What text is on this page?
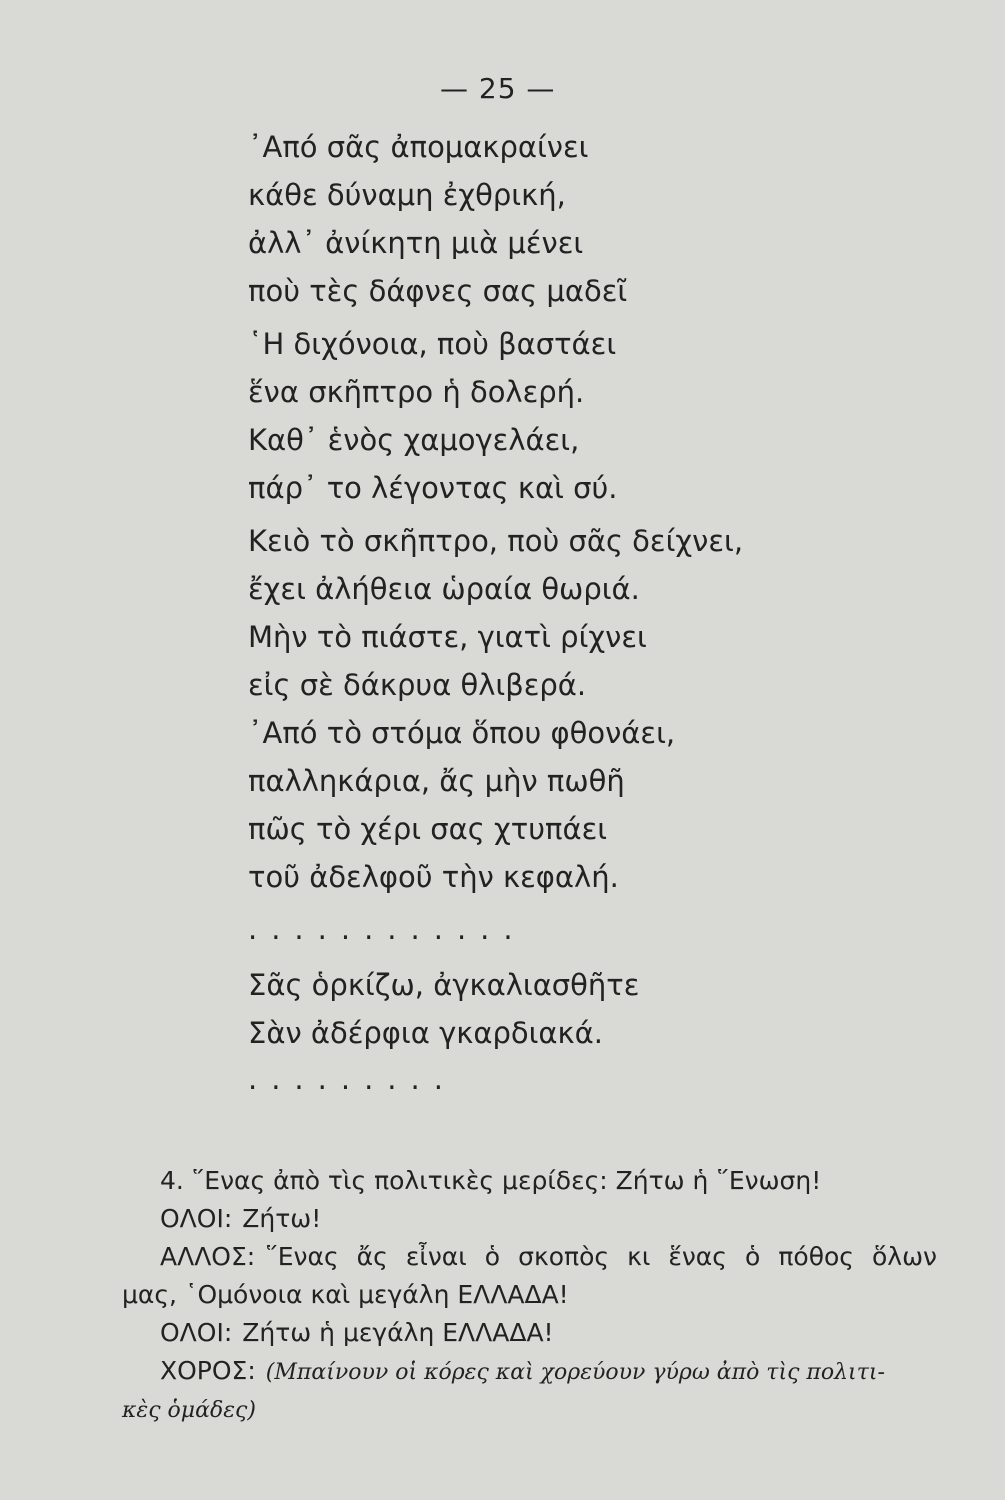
— 25 —
᾿Από σᾶς ἀπομακραίνει
κάθε δύναμη ἐχθρική,
ἀλλ᾿ ἀνίκητη μιὰ μένει
ποὺ τὲς δάφνες σας μαδεῖ
῾Η διχόνοια, ποὺ βαστάει
ἕνα σκῆπτρο ἡ δολερή.
Καθ᾿ ἑνὸς χαμογελάει,
πάρ᾿ το λέγοντας καὶ σύ.
Κειὸ τὸ σκῆπτρο, ποὺ σᾶς δείχνει,
ἔχει ἀλήθεια ὡραία θωριά.
Μὴν τὸ πιάστε, γιατὶ ρίχνει
εἰς σὲ δάκρυα θλιβερά.
᾿Από τὸ στόμα ὅπου φθονάει,
παλληκάρια, ἄς μὴν πωθῆ
πῶς τὸ χέρι σας χτυπάει
τοῦ ἀδελφοῦ τὴν κεφαλή.
............
Σᾶς ὁρκίζω, ἀγκαλιασθῆτε
Σὰν ἀδέρφια γκαρδιακά.
.........
4. ῞Ενας ἀπὸ τὶς πολιτικὲς μερίδες: Ζήτω ἡ ῞Ενωση!
ΟΛΟΙ: Ζήτω!
ΑΛΛΟΣ: ῞Ενας ἄς εἶναι ὁ σκοπὸς κι ἕνας ὁ πόθος ὅλων
μας, ῾Ομόνοια καὶ μεγάλη ΕΛΛΑΔΑ!
ΟΛΟΙ: Ζήτω ἡ μεγάλη ΕΛΛΑΔΑ!
ΧΟΡΟΣ: (Μπαίνουν οἱ κόρες καὶ χορεύουν γύρω ἀπὸ τὶς πολιτι-
κὲς ὁμάδες)
